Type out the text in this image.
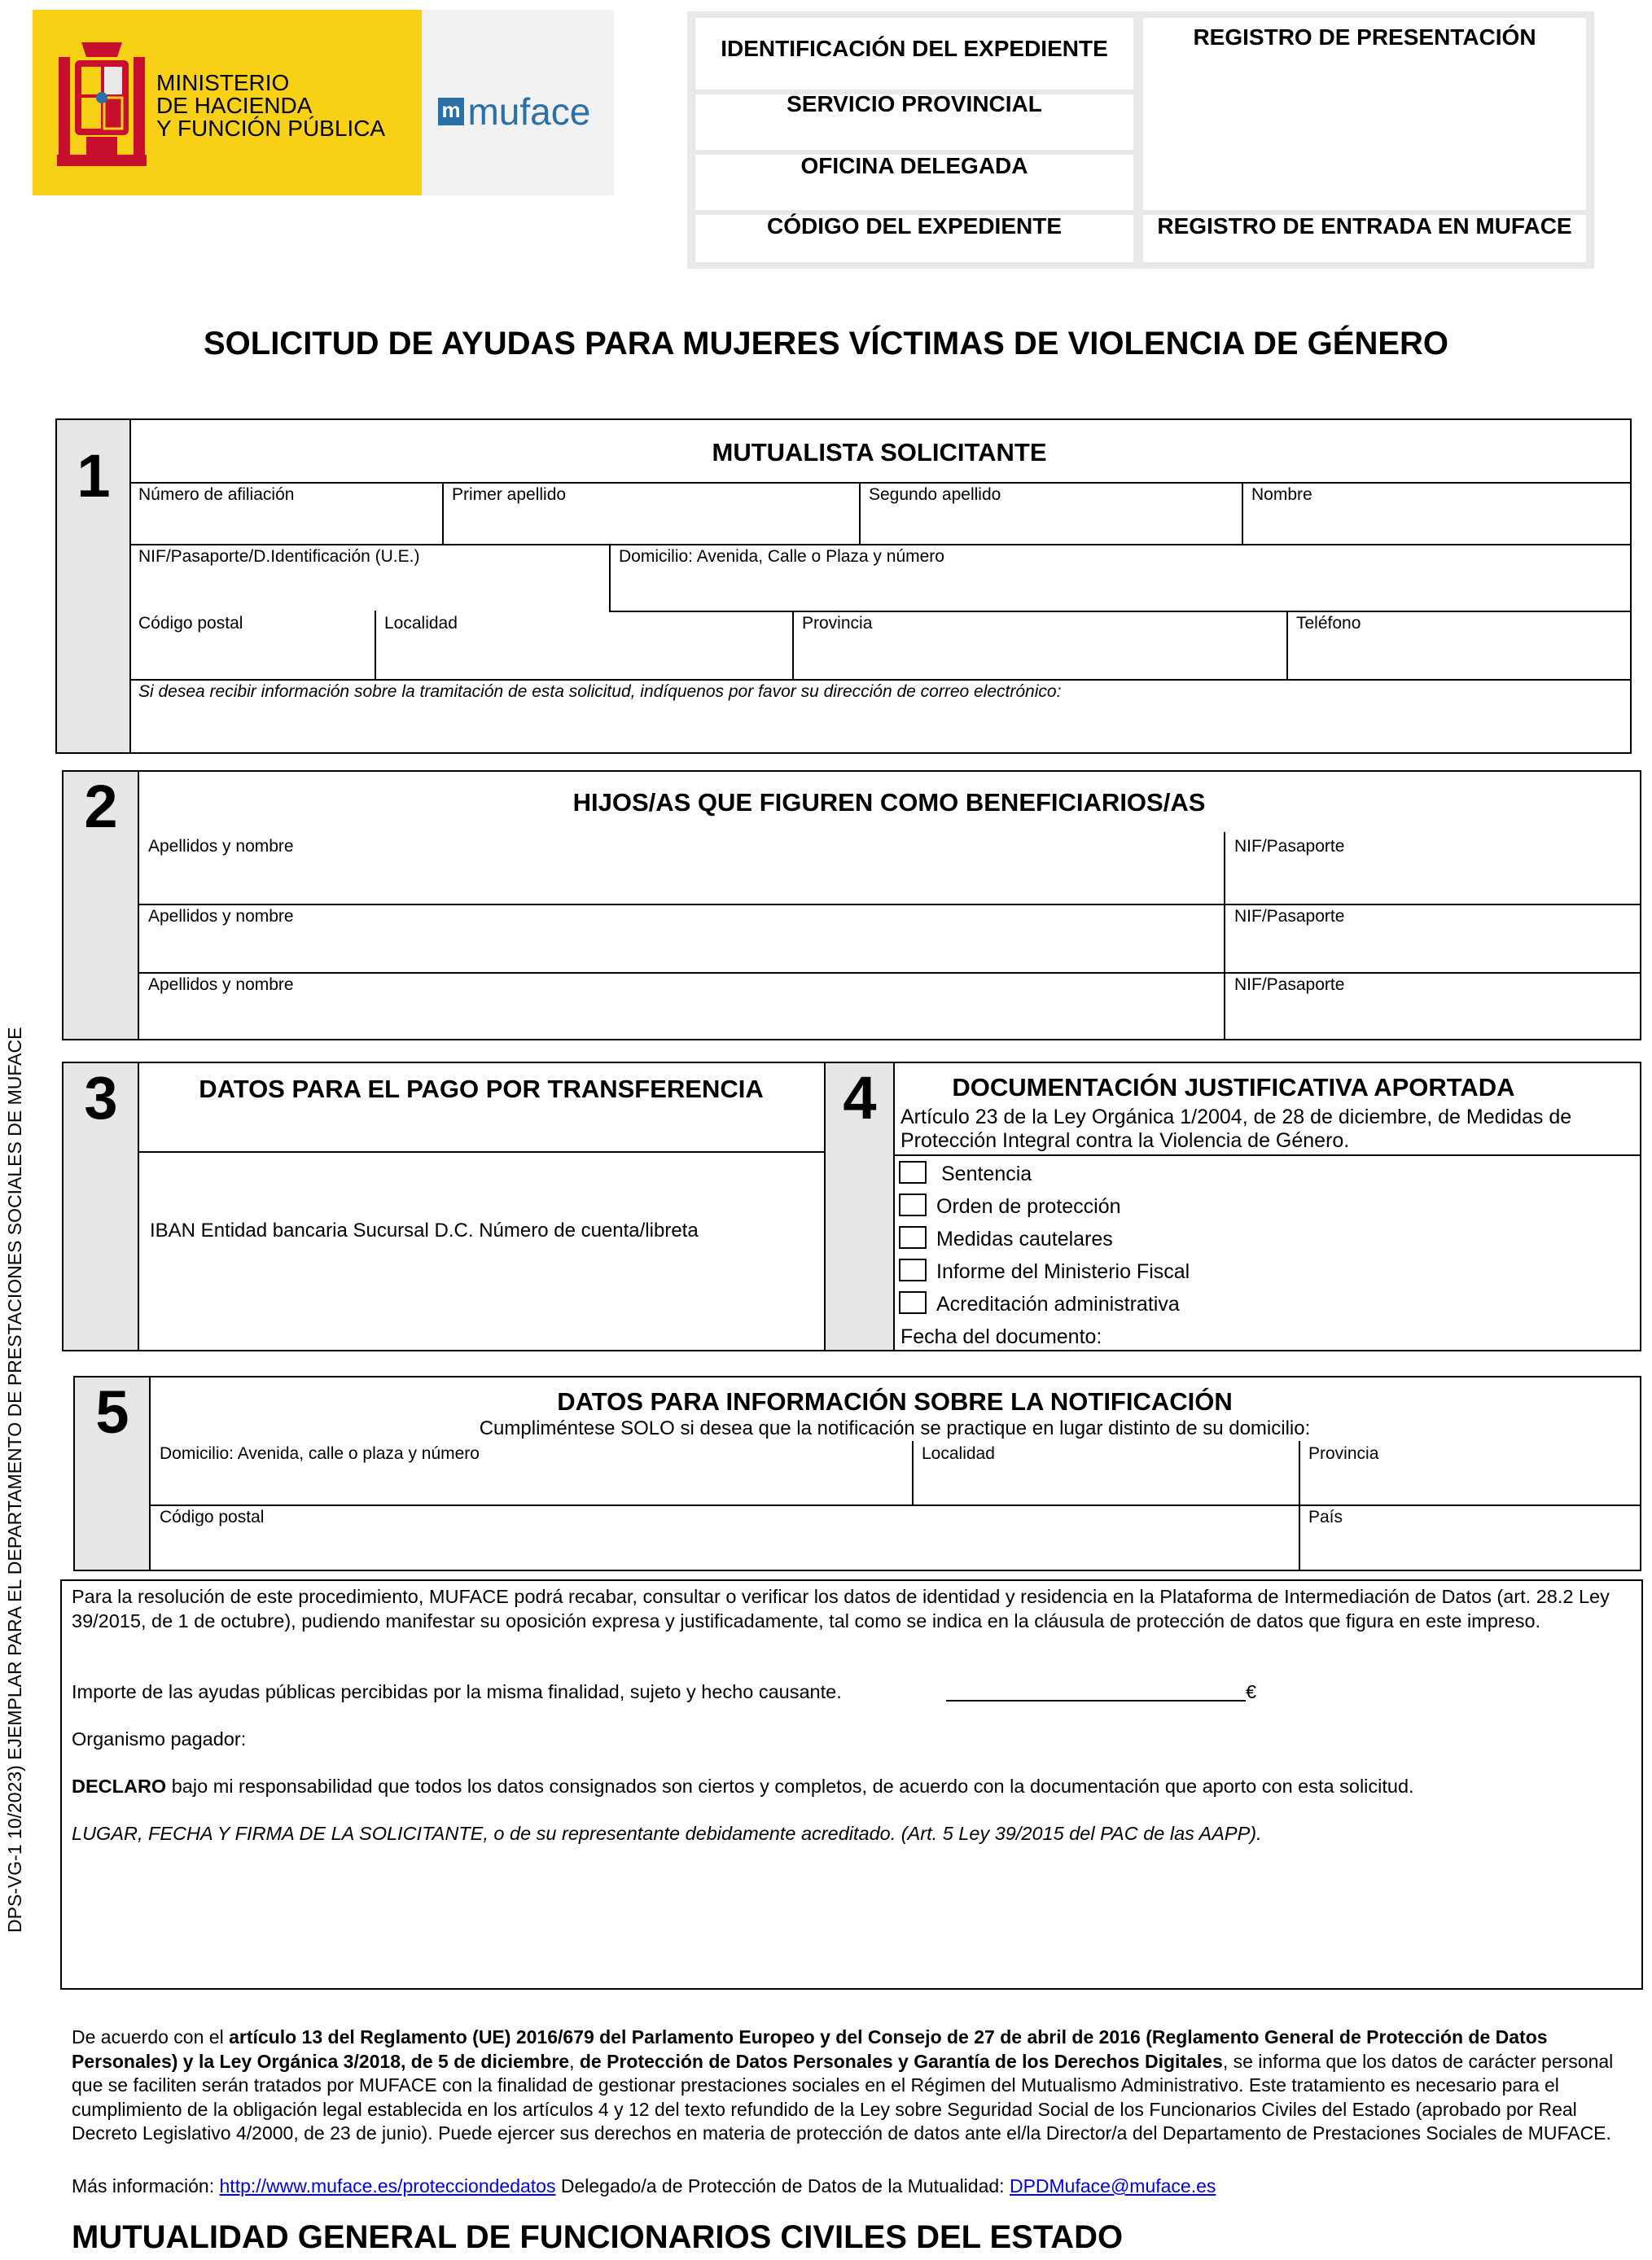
MINISTERIO
DE HACIENDA
Y FUNCIÓN PÚBLICA
m muface
IDENTIFICACIÓN DEL EXPEDIENTE
SERVICIO PROVINCIAL
OFICINA DELEGADA
CÓDIGO DEL EXPEDIENTE
REGISTRO DE PRESENTACIÓN
REGISTRO DE ENTRADA EN MUFACE
SOLICITUD DE AYUDAS PARA MUJERES VÍCTIMAS DE VIOLENCIA DE GÉNERO
1	MUTUALISTA SOLICITANTE
Número de afiliación	Primer apellido	Segundo apellido	Nombre
NIF/Pasaporte/D.Identificación (U.E.)	Domicilio: Avenida, Calle o Plaza y número
Código postal	Localidad	Provincia	Teléfono
Si desea recibir información sobre la tramitación de esta solicitud, indíquenos por favor su dirección de correo electrónico:
2	HIJOS/AS QUE FIGUREN COMO BENEFICIARIOS/AS
Apellidos y nombre	NIF/Pasaporte
Apellidos y nombre	NIF/Pasaporte
Apellidos y nombre	NIF/Pasaporte
3	DATOS PARA EL PAGO POR TRANSFERENCIA
IBAN Entidad bancaria Sucursal D.C. Número de cuenta/libreta
4	DOCUMENTACIÓN JUSTIFICATIVA APORTADA
Artículo 23 de la Ley Orgánica 1/2004, de 28 de diciembre, de Medidas de Protección Integral contra la Violencia de Género.
Sentencia
Orden de protección
Medidas cautelares
Informe del Ministerio Fiscal
Acreditación administrativa
Fecha del documento:
5	DATOS PARA INFORMACIÓN SOBRE LA NOTIFICACIÓN
Cumpliméntese SOLO si desea que la notificación se practique en lugar distinto de su domicilio:
Domicilio: Avenida, calle o plaza y número	Localidad	Provincia
Código postal	País
Para la resolución de este procedimiento, MUFACE podrá recabar, consultar o verificar los datos de identidad y residencia en la Plataforma de Intermediación de Datos (art. 28.2 Ley 39/2015, de 1 de octubre), pudiendo manifestar su oposición expresa y justificadamente, tal como se indica en la cláusula de protección de datos que figura en este impreso.
Importe de las ayudas públicas percibidas por la misma finalidad, sujeto y hecho causante.	€
Organismo pagador:
DECLARO bajo mi responsabilidad que todos los datos consignados son ciertos y completos, de acuerdo con la documentación que aporto con esta solicitud.
LUGAR, FECHA Y FIRMA DE LA SOLICITANTE, o de su representante debidamente acreditado. (Art. 5 Ley 39/2015 del PAC de las AAPP).
De acuerdo con el artículo 13 del Reglamento (UE) 2016/679 del Parlamento Europeo y del Consejo de 27 de abril de 2016 (Reglamento General de Protección de Datos Personales) y la Ley Orgánica 3/2018, de 5 de diciembre, de Protección de Datos Personales y Garantía de los Derechos Digitales, se informa que los datos de carácter personal que se faciliten serán tratados por MUFACE con la finalidad de gestionar prestaciones sociales en el Régimen del Mutualismo Administrativo. Este tratamiento es necesario para el cumplimiento de la obligación legal establecida en los artículos 4 y 12 del texto refundido de la Ley sobre Seguridad Social de los Funcionarios Civiles del Estado (aprobado por Real Decreto Legislativo 4/2000, de 23 de junio). Puede ejercer sus derechos en materia de protección de datos ante el/la Director/a del Departamento de Prestaciones Sociales de MUFACE.
Más información: http://www.muface.es/protecciondedatos Delegado/a de Protección de Datos de la Mutualidad: DPDMuface@muface.es
MUTUALIDAD GENERAL DE FUNCIONARIOS CIVILES DEL ESTADO
DPS-VG-1 10/2023) EJEMPLAR PARA EL DEPARTAMENTO DE PRESTACIONES SOCIALES DE MUFACE
